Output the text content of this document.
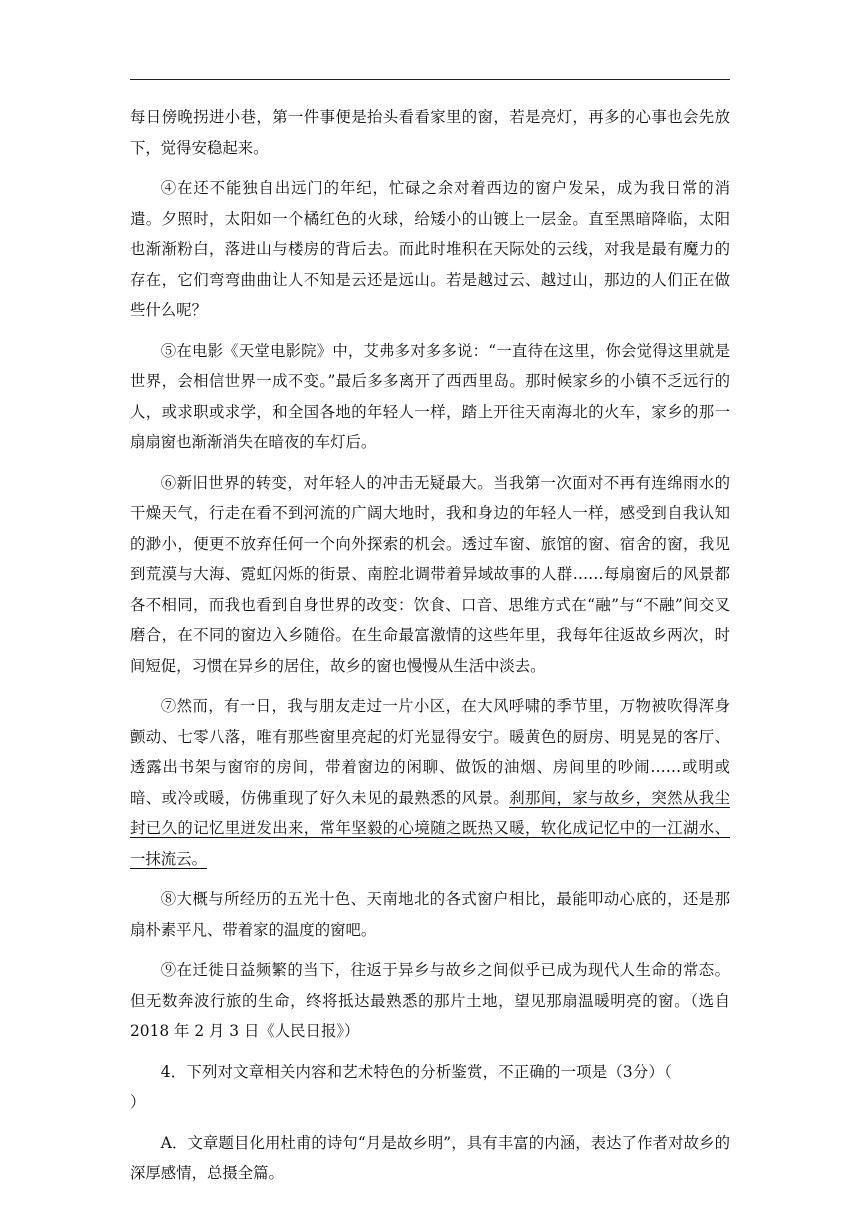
每日傍晚拐进小巷，第一件事便是抬头看看家里的窗，若是亮灯，再多的心事也会先放下，觉得安稳起来。

④在还不能独自出远门的年纪，忙碌之余对着西边的窗户发呆，成为我日常的消遣。夕照时，太阳如一个橘红色的火球，给矮小的山镀上一层金。直至黑暗降临，太阳也渐渐粉白，落进山与楼房的背后去。而此时堆积在天际处的云线，对我是最有魔力的存在，它们弯弯曲曲让人不知是云还是远山。若是越过云、越过山，那边的人们正在做些什么呢？

⑤在电影《天堂电影院》中，艾弗多对多多说：“一直待在这里，你会觉得这里就是世界，会相信世界一成不变。”最后多多离开了西西里岛。那时候家乡的小镇不乏远行的人，或求职或求学，和全国各地的年轻人一样，踏上开往天南海北的火车，家乡的那一扇扇窗也渐渐消失在暗夜的车灯后。

⑥新旧世界的转变，对年轻人的冲击无疑最大。当我第一次面对不再有连绵雨水的干燥天气，行走在看不到河流的广阔大地时，我和身边的年轻人一样，感受到自我认知的渺小，便更不放弃任何一个向外探索的机会。透过车窗、旅馆的窗、宿舍的窗，我见到荒漠与大海、霓虹闪烁的街景、南腔北调带着异域故事的人群……每扇窗后的风景都各不相同，而我也看到自身世界的改变：饮食、口音、思维方式在“融”与“不融”间交叉磨合，在不同的窗边入乡随俗。在生命最富激情的这些年里，我每年往返故乡两次，时间短促，习惯在异乡的居住，故乡的窗也慢慢从生活中淡去。

⑦然而，有一日，我与朋友走过一片小区，在大风呼啸的季节里，万物被吹得浑身颤动、七零八落，唯有那些窗里亮起的灯光显得安宁。暖黄色的厨房、明晃晃的客厅、透露出书架与窗帘的房间，带着窗边的闲聊、做饭的油烟、房间里的吵闹……或明或暗、或冷或暖，仿佛重现了好久未见的最熟悉的风景。刹那间，家与故乡，突然从我尘封已久的记忆里迸发出来，常年坚毅的心境随之既热又暖，软化成记忆中的一江湖水、一抹流云。

⑧大概与所经历的五光十色、天南地北的各式窗户相比，最能叩动心底的，还是那扇朴素平凡、带着家的温度的窗吧。

⑨在迁徙日益频繁的当下，往返于异乡与故乡之间似乎已成为现代人生命的常态。但无数奔波行旅的生命，终将抵达最熟悉的那片土地，望见那扇温暖明亮的窗。（选自 2018 年 2 月 3 日《人民日报》）

4．下列对文章相关内容和艺术特色的分析鉴赏，不正确的一项是（3分）（）

A．文章题目化用杜甫的诗句“月是故乡明”，具有丰富的内涵，表达了作者对故乡的深厚感情，总摄全篇。
